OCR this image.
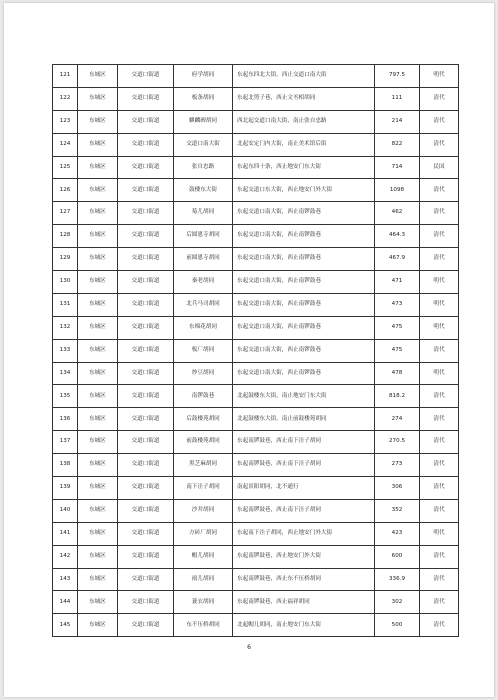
121	东城区	交道口街道	府学胡同	东起东四北大街，西止交道口南大街	797.5	明代
122	东城区	交道口街道	板条胡同	东起北剪子巷，西止文丞相胡同	111	清代
123	东城区	交道口街道	麒麟碑胡同	西北起交道口南大街，南止张自忠路	214	清代
124	东城区	交道口街道	交道口南大街	北起安定门内大街，南止美术馆后街	822	清代
125	东城区	交道口街道	张自忠路	东起东四十条，西止地安门东大街	714	民国
126	东城区	交道口街道	鼓楼东大街	东起交道口东大街，西止地安门外大街	1098	清代
127	东城区	交道口街道	菊儿胡同	东起交道口南大街，西止南锣鼓巷	462	清代
128	东城区	交道口街道	后圆恩寺胡同	东起交道口南大街，西止南锣鼓巷	464.3	清代
129	东城区	交道口街道	前圆恩寺胡同	东起交道口南大街，西止南锣鼓巷	467.9	清代
130	东城区	交道口街道	秦老胡同	东起交道口南大街，西止南锣鼓巷	471	明代
131	东城区	交道口街道	北兵马司胡同	东起交道口南大街，西止南锣鼓巷	473	明代
132	东城区	交道口街道	东棉花胡同	东起交道口南大街，西止南锣鼓巷	475	明代
133	东城区	交道口街道	板厂胡同	东起交道口南大街，西止南锣鼓巷	475	清代
134	东城区	交道口街道	炒豆胡同	东起交道口南大街，西止南锣鼓巷	478	明代
135	东城区	交道口街道	南锣鼓巷	北起鼓楼东大街，南止地安门东大街	818.2	清代
136	东城区	交道口街道	后鼓楼苑胡同	北起鼓楼东大街，南止前鼓楼苑胡同	274	清代
137	东城区	交道口街道	前鼓楼苑胡同	东起南锣鼓巷，西止南下洼子胡同	270.5	清代
138	东城区	交道口街道	黑芝麻胡同	东起南锣鼓巷，西止南下洼子胡同	273	清代
139	东城区	交道口街道	南下洼子胡同	南起景阳胡同，北不通行	306	清代
140	东城区	交道口街道	沙井胡同	东起南锣鼓巷，西止南下洼子胡同	352	清代
141	东城区	交道口街道	方砖厂胡同	东起南下洼子胡同，西止地安门外大街	423	明代
142	东城区	交道口街道	帽儿胡同	东起南锣鼓巷，西止地安门外大街	600	清代
143	东城区	交道口街道	雨儿胡同	东起南锣鼓巷，西止东不压桥胡同	336.9	清代
144	东城区	交道口街道	蓑衣胡同	东起南锣鼓巷，西止福祥胡同	302	清代
145	东城区	交道口街道	东不压桥胡同	北起帽儿胡同，南止地安门东大街	500	清代
6
